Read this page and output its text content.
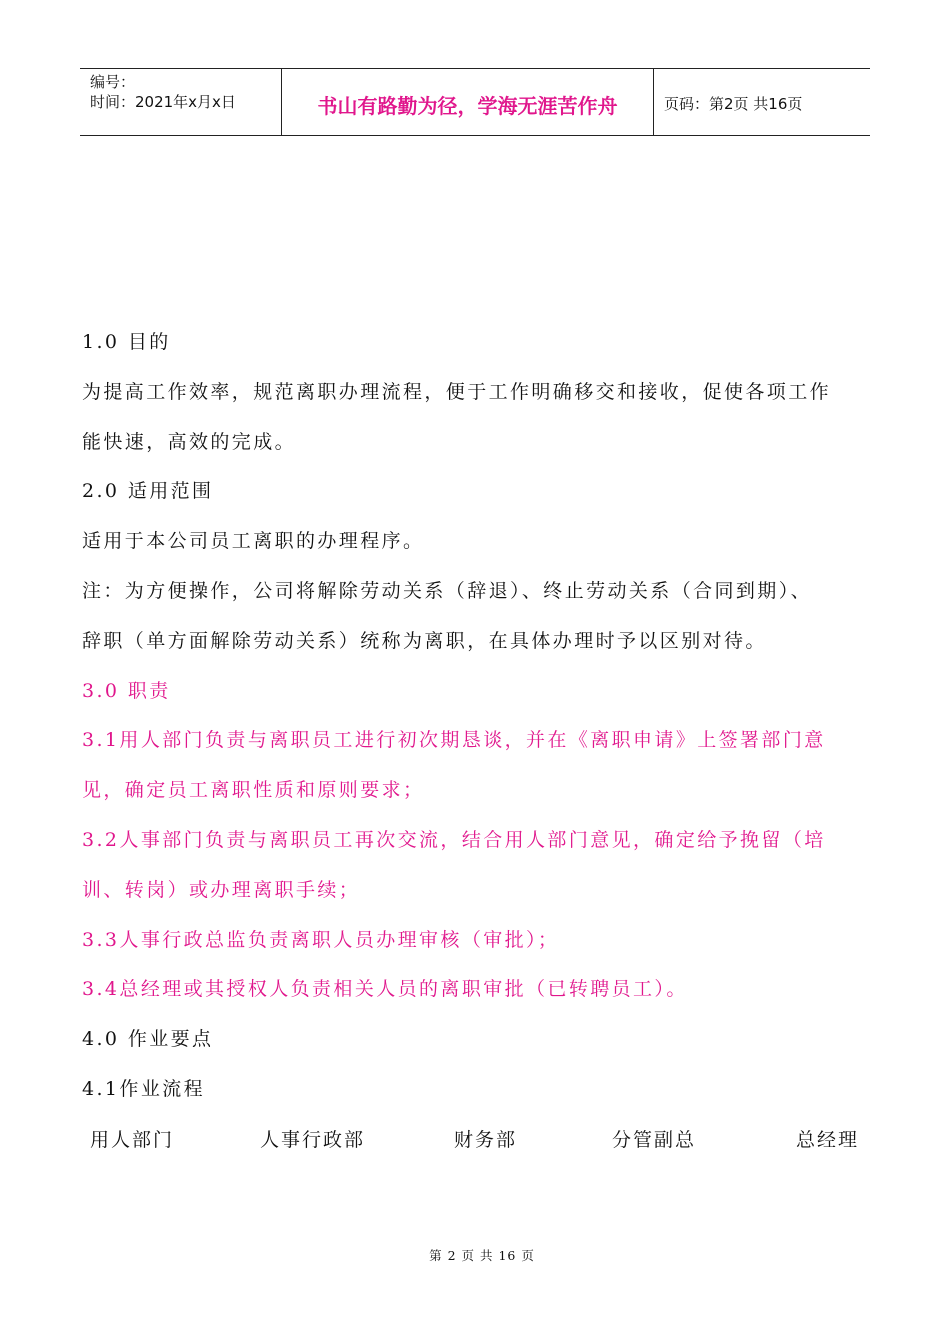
编号：
时间：2021年x月x日	书山有路勤为径，学海无涯苦作舟	页码：第2页 共16页

1.0 目的

为提高工作效率，规范离职办理流程，便于工作明确移交和接收，促使各项工作

能快速，高效的完成。

2.0 适用范围

适用于本公司员工离职的办理程序。

注：为方便操作，公司将解除劳动关系（辞退）、终止劳动关系（合同到期）、

辞职（单方面解除劳动关系）统称为离职，在具体办理时予以区别对待。

3.0 职责

3.1用人部门负责与离职员工进行初次期恳谈，并在《离职申请》上签署部门意

见，确定员工离职性质和原则要求；

3.2人事部门负责与离职员工再次交流，结合用人部门意见，确定给予挽留（培

训、转岗）或办理离职手续；

3.3人事行政总监负责离职人员办理审核（审批）；

3.4总经理或其授权人负责相关人员的离职审批（已转聘员工）。

4.0 作业要点

4.1作业流程

用人部门	人事行政部	财务部	分管副总	总经理
第 2 页 共 16 页
